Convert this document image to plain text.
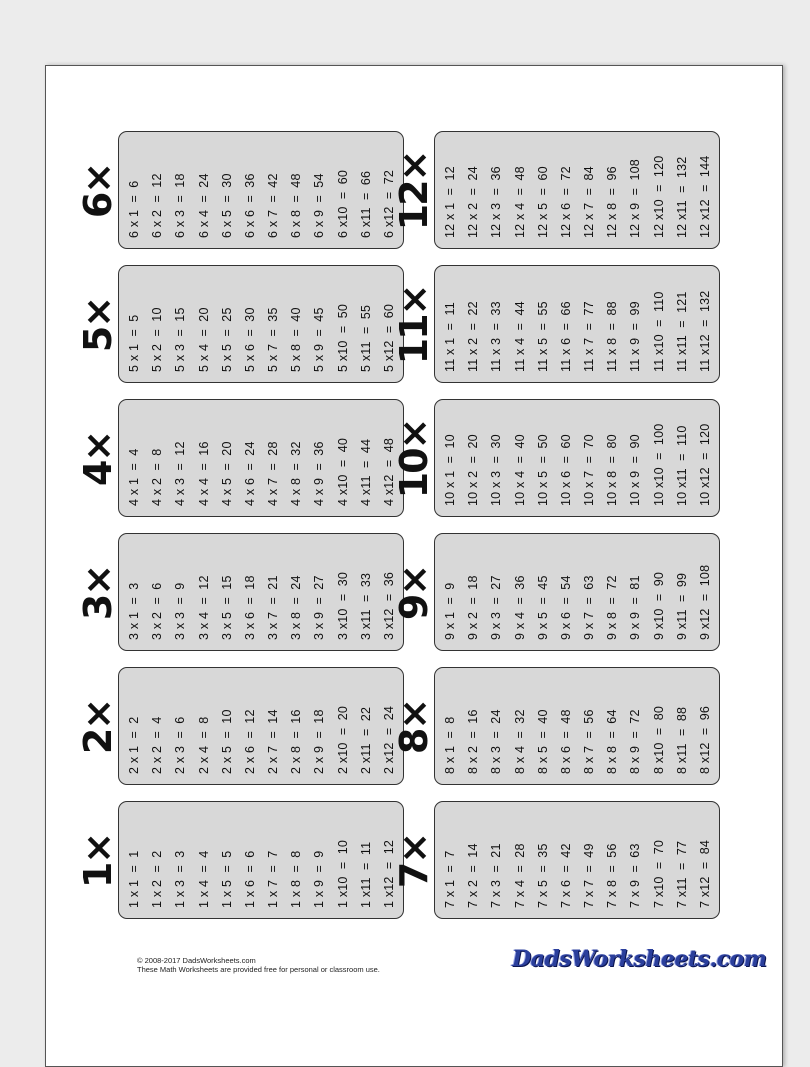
6× 6 x 1  =  6 6 x 2  =  12 6 x 3  =  18 6 x 4  =  24 6 x 5  =  30 6 x 6  =  36 6 x 7  =  42 6 x 8  =  48 6 x 9  =  54 6 x10  =  60 6 x11  =  66 6 x12  =  72
12× 12 x 1  =  12 12 x 2  =  24 12 x 3  =  36 12 x 4  =  48 12 x 5  =  60 12 x 6  =  72 12 x 7  =  84 12 x 8  =  96 12 x 9  =  108 12 x10  =  120 12 x11  =  132 12 x12  =  144
5× 5 x 1  =  5 5 x 2  =  10 5 x 3  =  15 5 x 4  =  20 5 x 5  =  25 5 x 6  =  30 5 x 7  =  35 5 x 8  =  40 5 x 9  =  45 5 x10  =  50 5 x11  =  55 5 x12  =  60
11× 11 x 1  =  11 11 x 2  =  22 11 x 3  =  33 11 x 4  =  44 11 x 5  =  55 11 x 6  =  66 11 x 7  =  77 11 x 8  =  88 11 x 9  =  99 11 x10  =  110 11 x11  =  121 11 x12  =  132
4× 4 x 1  =  4 4 x 2  =  8 4 x 3  =  12 4 x 4  =  16 4 x 5  =  20 4 x 6  =  24 4 x 7  =  28 4 x 8  =  32 4 x 9  =  36 4 x10  =  40 4 x11  =  44 4 x12  =  48
10× 10 x 1  =  10 10 x 2  =  20 10 x 3  =  30 10 x 4  =  40 10 x 5  =  50 10 x 6  =  60 10 x 7  =  70 10 x 8  =  80 10 x 9  =  90 10 x10  =  100 10 x11  =  110 10 x12  =  120
3× 3 x 1  =  3 3 x 2  =  6 3 x 3  =  9 3 x 4  =  12 3 x 5  =  15 3 x 6  =  18 3 x 7  =  21 3 x 8  =  24 3 x 9  =  27 3 x10  =  30 3 x11  =  33 3 x12  =  36
9× 9 x 1  =  9 9 x 2  =  18 9 x 3  =  27 9 x 4  =  36 9 x 5  =  45 9 x 6  =  54 9 x 7  =  63 9 x 8  =  72 9 x 9  =  81 9 x10  =  90 9 x11  =  99 9 x12  =  108
2× 2 x 1  =  2 2 x 2  =  4 2 x 3  =  6 2 x 4  =  8 2 x 5  =  10 2 x 6  =  12 2 x 7  =  14 2 x 8  =  16 2 x 9  =  18 2 x10  =  20 2 x11  =  22 2 x12  =  24
8× 8 x 1  =  8 8 x 2  =  16 8 x 3  =  24 8 x 4  =  32 8 x 5  =  40 8 x 6  =  48 8 x 7  =  56 8 x 8  =  64 8 x 9  =  72 8 x10  =  80 8 x11  =  88 8 x12  =  96
1× 1 x 1  =  1 1 x 2  =  2 1 x 3  =  3 1 x 4  =  4 1 x 5  =  5 1 x 6  =  6 1 x 7  =  7 1 x 8  =  8 1 x 9  =  9 1 x10  =  10 1 x11  =  11 1 x12  =  12
7× 7 x 1  =  7 7 x 2  =  14 7 x 3  =  21 7 x 4  =  28 7 x 5  =  35 7 x 6  =  42 7 x 7  =  49 7 x 8  =  56 7 x 9  =  63 7 x10  =  70 7 x11  =  77 7 x12  =  84
© 2008-2017 DadsWorksheets.com
These Math Worksheets are provided free for personal or classroom use.	DadsWorksheets.com
